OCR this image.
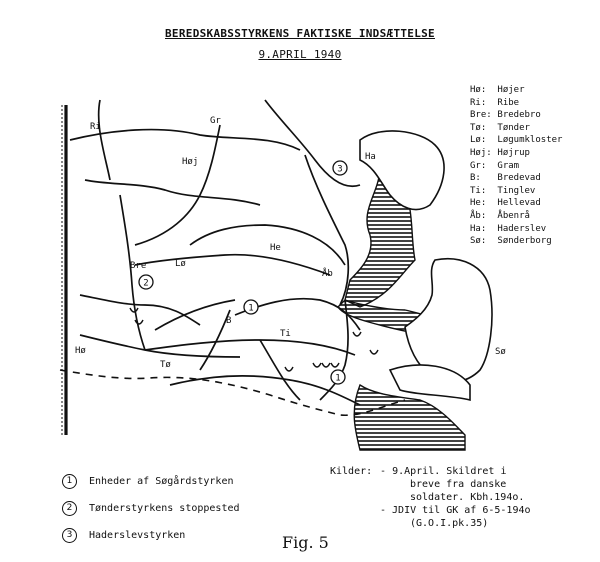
BEREDSKABSSTYRKENS FAKTISKE INDSÆTTELSE
9.APRIL 1940
1
1
2
3
Ri
Gr
Høj	Ha
Bre	Lø
He
Åb
B
Ti
Hø
Tø
Sø
Hø: Højer
Ri: Ribe
Bre: Bredebro
Tø: Tønder
Lø: Løgumkloster
Høj: Højrup
Gr: Gram
B: Bredevad
Ti: Tinglev
He: Hellevad
Åb: Åbenrå
Ha: Haderslev
Sø: Sønderborg
1	Enheder af Søgårdstyrken
2	Tønderstyrkens stoppested
3	Haderslevstyrken
Kilder: - 9.April. Skildret i
breve fra danske
soldater. Kbh.194o.
- JDIV til GK af 6-5-194o
(G.O.I.pk.35)
Fig. 5
